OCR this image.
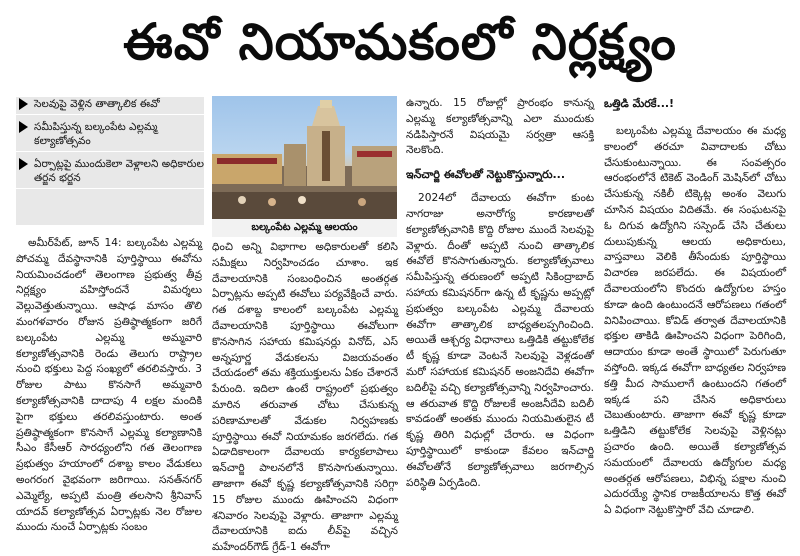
ఈవో నియామకంలో నిర్లక్ష్యం
సెలవుపై వెళ్లిన తాత్కాలిక ఈవో
సమీపిస్తున్న బల్కంపేట ఎల్లమ్మ కల్యాణోత్సవం
ఏర్పాట్లపై ముందుకెలా వెళ్లాలని అధికారుల తర్జన భర్జన
బల్కంపేట ఎల్లమ్మ ఆలయం
అమీర్‌పేట్‌, జూన్‌ 14: బల్కంపేట ఎల్లమ్మ పోచమ్మ దేవస్థానానికి పూర్తిస్థాయి ఈవోను నియమించడంలో తెలంగాణ ప్రభుత్వ తీవ్ర నిర్లక్ష్యం వహిస్తోందనే విమర్శలు వెల్లువెత్తుతున్నాయి. ఆషాఢ మాసం తొలి మంగళవారం రోజున ప్రతిష్ఠాత్మకంగా జరిగే బల్కంపేట ఎల్లమ్మ అమ్మవారి కల్యాణోత్సవానికి రెండు తెలుగు రాష్ట్రాల నుంచి భక్తులు పెద్ద సంఖ్యలో తరలివస్తారు. 3 రోజుల పాటు కొనసాగే అమ్మవారి కల్యాణోత్సవానికి దాదాపు 4 లక్షల మందికి పైగా భక్తులు తరలివస్తుంటారు. అంత ప్రతిష్ఠాత్మకంగా కొనసాగే ఎల్లమ్మ కల్యాణానికి సీఎం కేసీఆర్‌ సారధ్యంలోని గత తెలంగాణ ప్రభుత్వం హయాంలో దశాబ్ద కాలం వేడుకలు అంగరంగ వైభవంగా జరిగాయి. సనత్‌నగర్‌ ఎమ్మెల్యే, అప్పటి మంత్రి తలసాని శ్రీనివాస్‌ యాదవ్‌ కల్యాణోత్సవ ఏర్పాట్లకు నెల రోజుల ముందు నుంచే ఏర్పాట్లకు సంబం
ధించి అన్ని విభాగాల అధికారులతో కలిసి సమీక్షలు నిర్వహించడం చూశాం. ఇక దేవాలయానికి సంబంధించిన అంతర్గత ఏర్పాట్లను అప్పటి ఈవోలు పర్యవేక్షించే వారు. గత దశాబ్ద కాలంలో బల్కంపేట ఎల్లమ్మ దేవాలయానికి పూర్తిస్థాయి ఈవోలుగా కొనసాగిన సహాయ కమిషనర్లు వినోద్‌, ఎస్‌ అన్నపూర్ణ వేడుకలను విజయవంతం చేయడంలో తమ శక్తియుక్తులను ఏకం చేశారనే పేరుంది. ఇదిలా ఉంటే రాష్ట్రంలో ప్రభుత్వం మారిన తరువాత చోటు చేసుకున్న పరిణామాలతో వేడుకల నిర్వహణకు పూర్తిస్థాయి ఈవో నియామకం జరగలేదు. గత ఏడాదికాలంగా దేవాలయ కార్యకలాపాలు ఇన్‌చార్జి పాలనలోనే కొనసాగుతున్నాయి. తాజాగా ఈవో కృష్ణ కల్యాణోత్సవానికి సరిగ్గా 15 రోజుల ముందు ఊహించని విధంగా శనివారం సెలవుపై వెళ్లారు. తాజాగా ఎల్లమ్మ దేవాలయానికి ఐదు లీవ్‌పై వచ్చిన మహేందర్‌గౌడ్‌ గ్రేడ్‌-1 ఈవోగా

ఉన్నారు. 15 రోజుల్లో ప్రారంభం కానున్న ఎల్లమ్మ కల్యాణోత్సవాన్ని ఎలా ముందుకు నడిపిస్తారనే విషయమై సర్వత్రా ఆసక్తి నెలకొంది.

ఇన్‌చార్జి ఈవోలతో నెట్టుకొస్తున్నారు...

2024లో దేవాలయ ఈవోగా కుంట నాగరాజు అనారోగ్య కారణాలతో కల్యాణోత్సవానికి కొద్ది రోజుల ముందే సెలవుపై వెళ్లారు. దీంతో అప్పటి నుంచి తాత్కాలిక ఈవోలే కొనసాగుతున్నారు. కల్యాణోత్సవాలు సమీపిస్తున్న తరుణంలో అప్పటి సికింద్రాబాద్‌ సహాయ కమిషనర్‌గా ఉన్న టీ కృష్ణను అప్పట్లో ప్రభుత్వం బల్కంపేట ఎల్లమ్మ దేవాలయ ఈవోగా తాత్కాలిక బాధ్యతలప్పగించింది. అయితే ఆశ్చర్య విధానాలు ఒత్తిడికి తట్టుకోలేక టీ కృష్ణ కూడా వెంటనే సెలవుపై వెళ్లడంతో మరో సహాయక కమిషనర్‌ అంజనిదేవి ఈవోగా బదిలీపై వచ్చి కల్యాణోత్సవాన్ని నిర్వహించారు. ఆ తరువాత కొద్ది రోజులకే అంజనీదేవి బదిలీ కావడంతో అంతకు ముందు నియమితులైన టీ కృష్ణ తిరిగి విధుల్లో చేరారు. ఆ విధంగా పూర్తిస్థాయిలో కాకుండా కేవలం ఇన్‌చార్జి ఈవోలతోనే కల్యాణోత్సవాలు జరగాల్సిన పరిస్థితి ఏర్పడింది.

ఒత్తిడి మేరకే...!

బల్కంపేట ఎల్లమ్మ దేవాలయం ఈ మధ్య కాలంలో తరచూ వివాదాలకు చోటు చేసుకుంటున్నాయి. ఈ సంవత్సరం ఆరంభంలోనే టికెట్‌ వెండింగ్‌ మెషిన్‌లో చోటు చేసుకున్న నకిలీ టిక్కెట్ల అంశం వెలుగు చూసిన విషయం విదితమే. ఈ సంఘటనపై ఓ దిగువ ఉద్యోగిని సస్పెండ్‌ చేసి చేతులు దులుపుకున్న ఆలయ అధికారులు, వాస్తవాలు వెలికి తీసేందుకు పూర్తిస్థాయి విచారణ జరపలేదు. ఈ విషయంలో దేవాలయంలోని కొందరు ఉద్యోగుల హస్తం కూడా ఉంది ఉంటుందనే ఆరోపణలు గతంలో వినిపించాయి. కోవిడ్‌ తర్వాత దేవాలయానికి భక్తుల తాకిడి ఊహించని విధంగా పెరిగింది, ఆదాయం కూడా అంతే స్థాయిలో పెరుగుతూ వస్తోంది. ఇక్కడ ఈవోగా బాధ్యతల నిర్వహణ కత్తి మీద సాములాగే ఉంటుందని గతంలో ఇక్కడ పని చేసిన అధికారులు చెబుతుంటారు. తాజాగా ఈవో కృష్ణ కూడా ఒత్తిడిని తట్టుకోలేక సెలవుపై వెళ్లినట్లు ప్రచారం ఉంది. అయితే కల్యాణోత్సవ సమయంలో దేవాలయ ఉద్యోగుల మధ్య అంతర్గత ఆరోపణలు, విభిన్న పక్షాల నుంచి ఎదురయ్యే స్థానిక రాజకీయాలను కొత్త ఈవో ఏ విధంగా నెట్టుకొస్తారో వేచి చూడాలి.
